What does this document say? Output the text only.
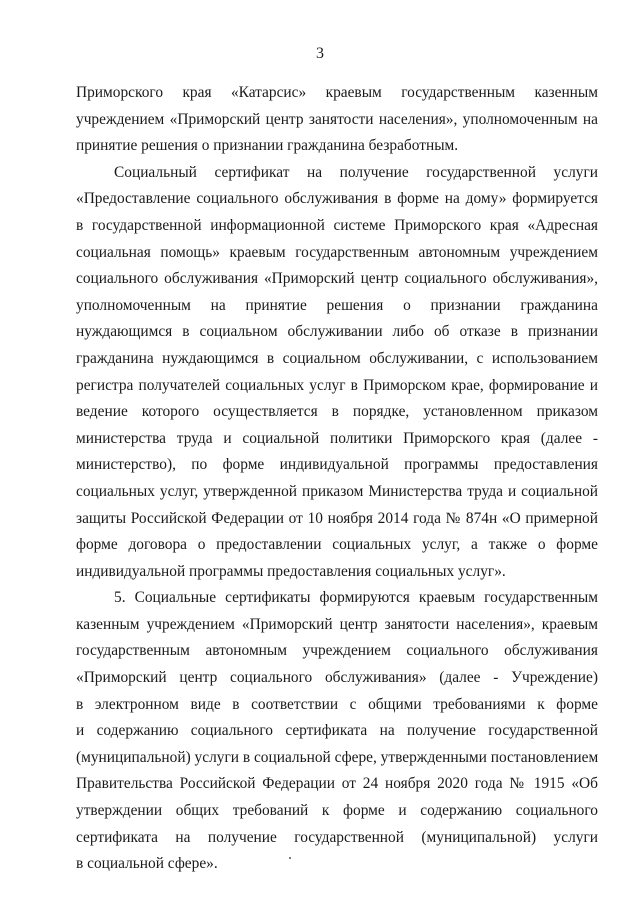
3

Приморского края «Катарсис» краевым государственным казенным
учреждением «Приморский центр занятости населения», уполномоченным на
принятие решения о признании гражданина безработным.

Социальный сертификат на получение государственной услуги
«Предоставление социального обслуживания в форме на дому» формируется
в государственной информационной системе Приморского края «Адресная
социальная помощь» краевым государственным автономным учреждением
социального обслуживания «Приморский центр социального обслуживания»,
уполномоченным на принятие решения о признании гражданина
нуждающимся в социальном обслуживании либо об отказе в признании
гражданина нуждающимся в социальном обслуживании, с использованием
регистра получателей социальных услуг в Приморском крае, формирование и
ведение которого осуществляется в порядке, установленном приказом
министерства труда и социальной политики Приморского края (далее -
министерство), по форме индивидуальной программы предоставления
социальных услуг, утвержденной приказом Министерства труда и социальной
защиты Российской Федерации от 10 ноября 2014 года № 874н «О примерной
форме договора о предоставлении социальных услуг, а также о форме
индивидуальной программы предоставления социальных услуг».

5. Социальные сертификаты формируются краевым государственным
казенным учреждением «Приморский центр занятости населения», краевым
государственным автономным учреждением социального обслуживания
«Приморский центр социального обслуживания» (далее - Учреждение)
в электронном виде в соответствии с общими требованиями к форме
и содержанию социального сертификата на получение государственной
(муниципальной) услуги в социальной сфере, утвержденными постановлением
Правительства Российской Федерации от 24 ноября 2020 года № 1915 «Об
утверждении общих требований к форме и содержанию социального
сертификата на получение государственной (муниципальной) услуги
в социальной сфере».
